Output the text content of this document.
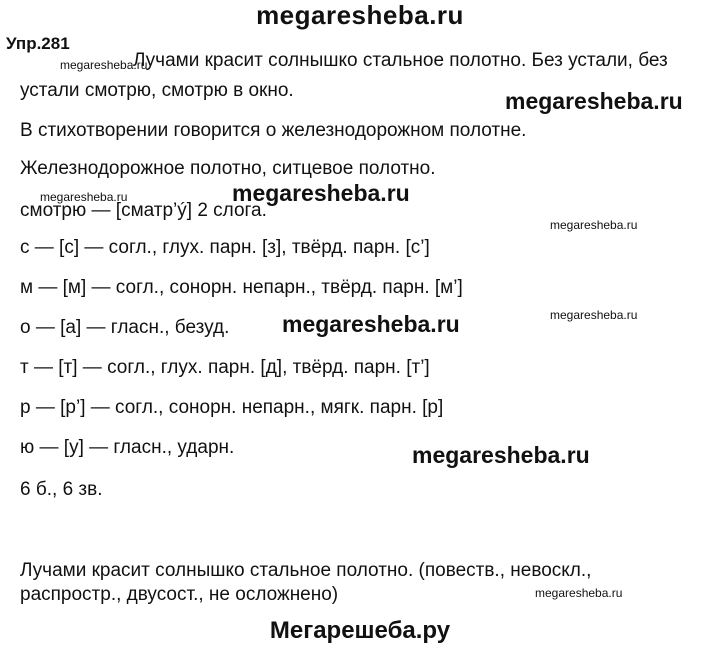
megaresheba.ru
Упр.281
megaresheba.ru
Лучами красит солнышко стальное полотно. Без устали, без
устали смотрю, смотрю в окно.	megaresheba.ru
В стихотворении говорится о железнодорожном полотне.
Железнодорожное полотно, ситцевое полотно.
megaresheba.ru	megaresheba.ru
смотрю — [сматр’ý] 2 слога.
megaresheba.ru
с — [с] — согл., глух. парн. [з], твёрд. парн. [с’]
м — [м] — согл., сонорн. непарн., твёрд. парн. [м’]
megaresheba.ru
о — [а] — гласн., безуд. megaresheba.ru
т — [т] — согл., глух. парн. [д], твёрд. парн. [т’]
р — [р’] — согл., сонорн. непарн., мягк. парн. [р]
ю — [у] — гласн., ударн.	megaresheba.ru
6 б., 6 зв.
Лучами красит солнышко стальное полотно. (повеств., невоскл.,
megaresheba.ru
распростр., двусост., не осложнено)
Мегарешеба.ру
